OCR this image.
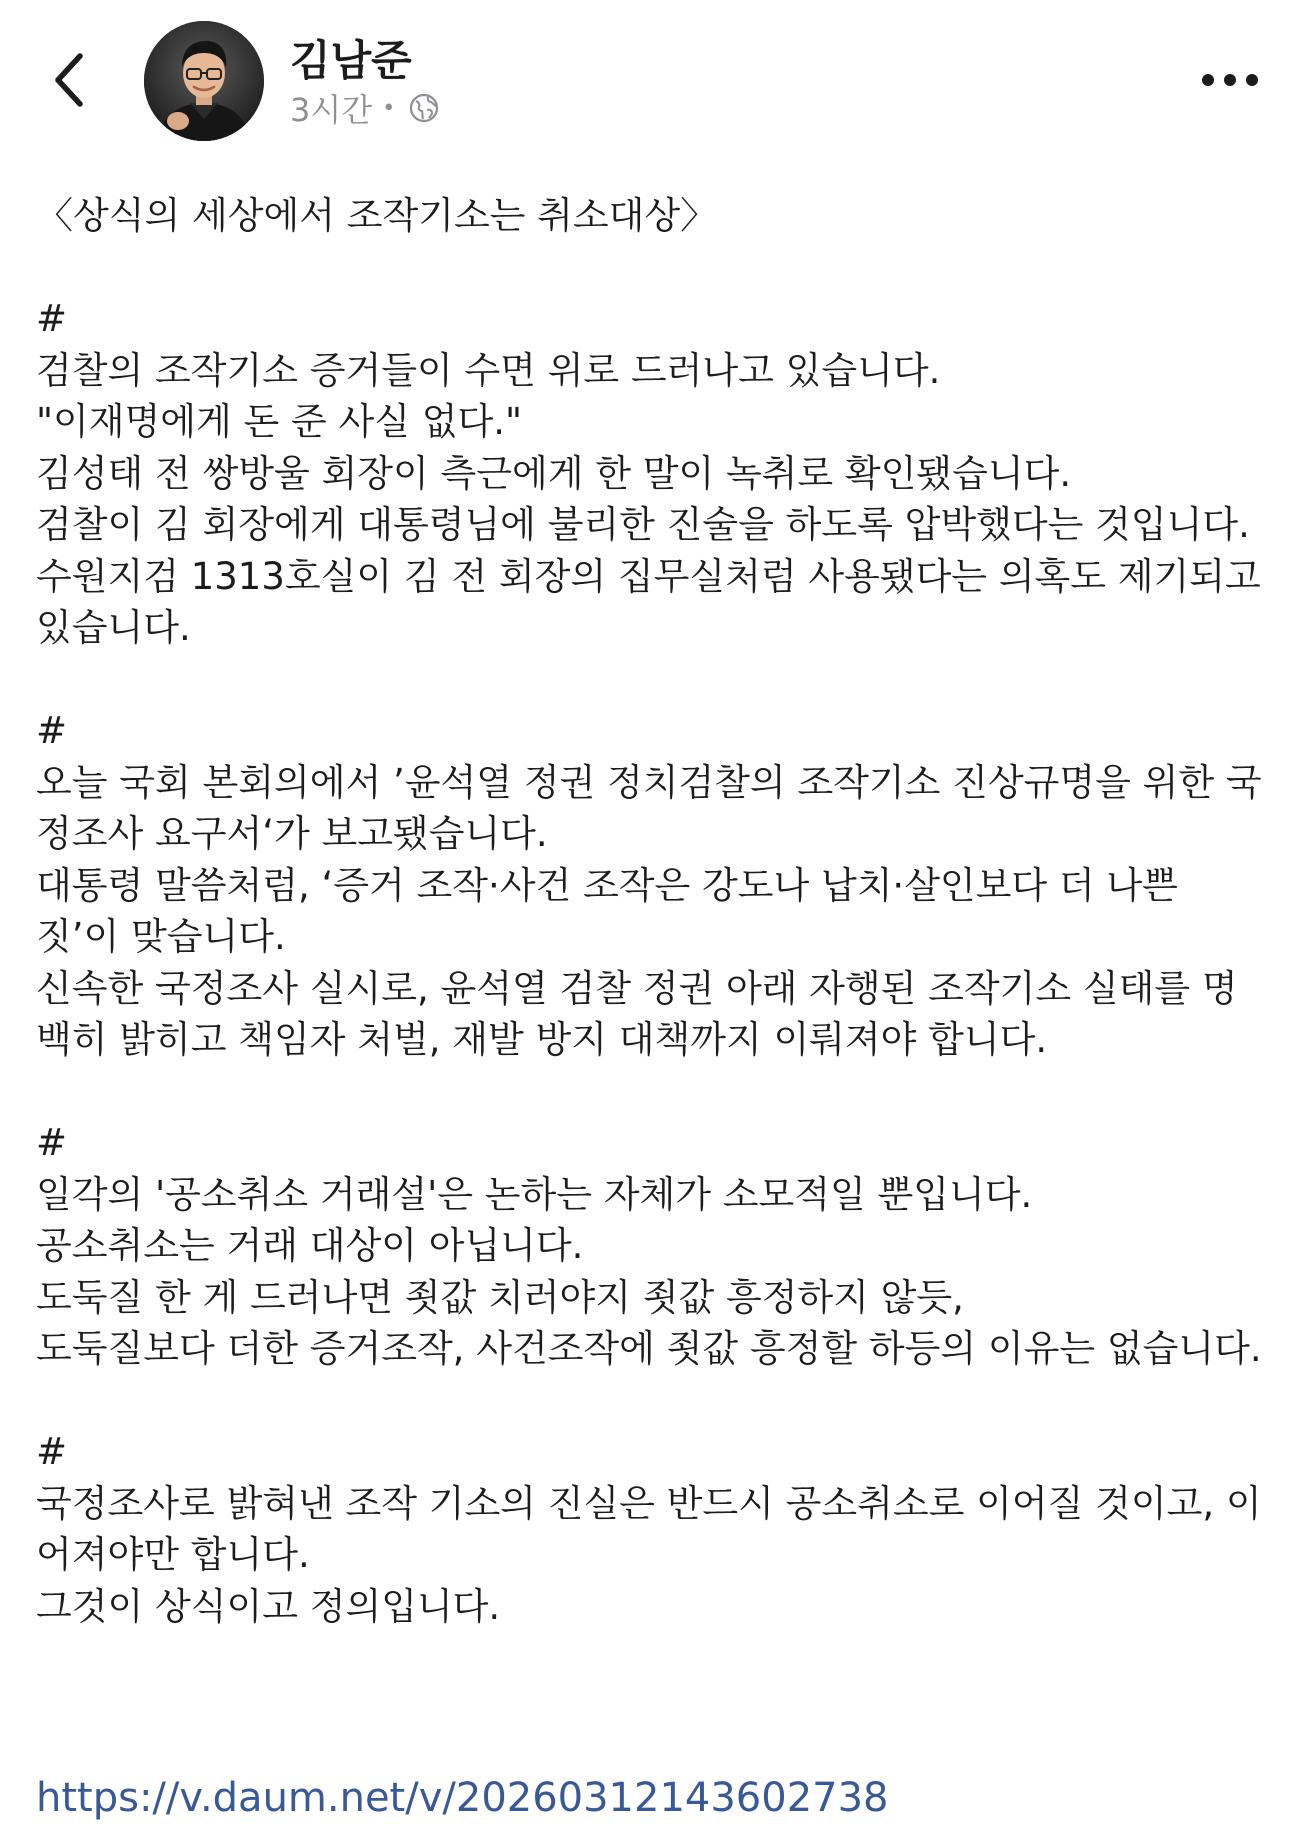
김남준
3시간 •

〈상식의 세상에서 조작기소는 취소대상〉

#

검찰의 조작기소 증거들이 수면 위로 드러나고 있습니다.

"이재명에게 돈 준 사실 없다."

김성태 전 쌍방울 회장이 측근에게 한 말이 녹취로 확인됐습니다.

검찰이 김 회장에게 대통령님에 불리한 진술을 하도록 압박했다는 것입니다.

수원지검 1313호실이 김 전 회장의 집무실처럼 사용됐다는 의혹도 제기되고 있습니다.

#

오늘 국회 본회의에서 ’윤석열 정권 정치검찰의 조작기소 진상규명을 위한 국정조사 요구서‘가 보고됐습니다.

대통령 말씀처럼, ‘증거 조작·사건 조작은 강도나 납치·살인보다 더 나쁜 짓’이 맞습니다.

신속한 국정조사 실시로, 윤석열 검찰 정권 아래 자행된 조작기소 실태를 명백히 밝히고 책임자 처벌, 재발 방지 대책까지 이뤄져야 합니다.

#

일각의 '공소취소 거래설'은 논하는 자체가 소모적일 뿐입니다.

공소취소는 거래 대상이 아닙니다.

도둑질 한 게 드러나면 죗값 치러야지 죗값 흥정하지 않듯,

도둑질보다 더한 증거조작, 사건조작에 죗값 흥정할 하등의 이유는 없습니다.

#

국정조사로 밝혀낸 조작 기소의 진실은 반드시 공소취소로 이어질 것이고, 이어져야만 합니다.

그것이 상식이고 정의입니다.

https://v.daum.net/v/20260312143602738
